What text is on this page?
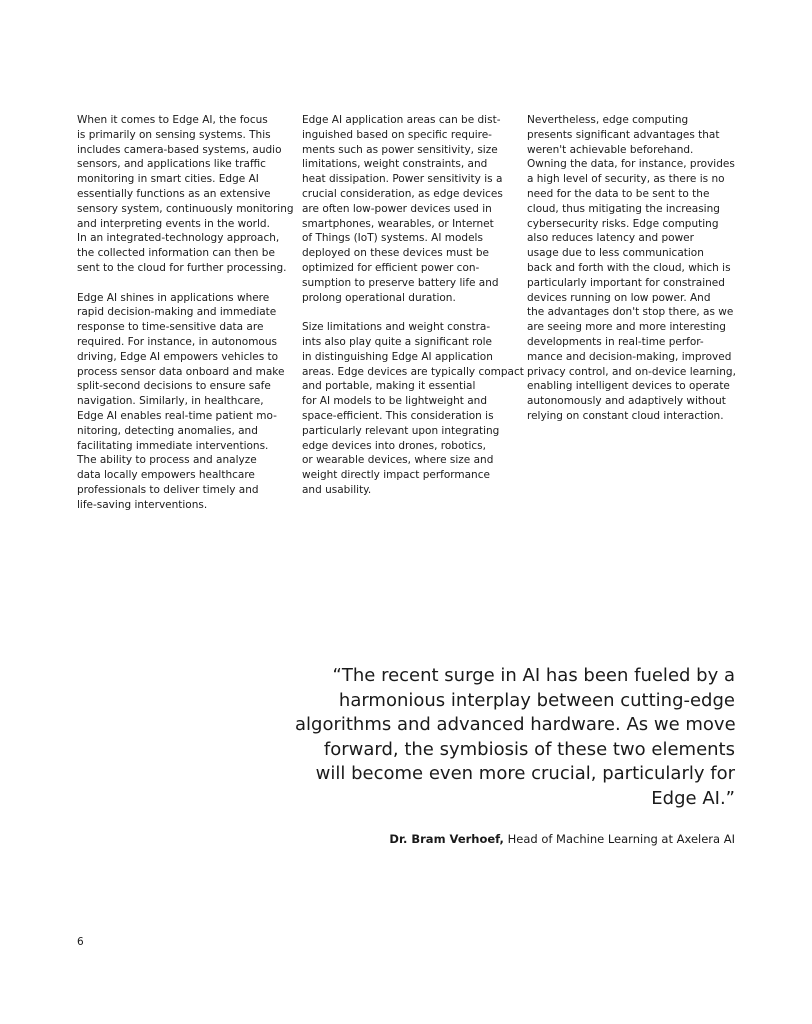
When it comes to Edge AI, the focus
is primarily on sensing systems. This
includes camera-based systems, audio
sensors, and applications like traffic
monitoring in smart cities. Edge AI
essentially functions as an extensive
sensory system, continuously monitoring
and interpreting events in the world.
In an integrated-technology approach,
the collected information can then be
sent to the cloud for further processing.
Edge AI shines in applications where
rapid decision-making and immediate
response to time-sensitive data are
required. For instance, in autonomous
driving, Edge AI empowers vehicles to
process sensor data onboard and make
split-second decisions to ensure safe
navigation. Similarly, in healthcare,
Edge AI enables real-time patient mo-
nitoring, detecting anomalies, and
facilitating immediate interventions.
The ability to process and analyze
data locally empowers healthcare
professionals to deliver timely and
life-saving interventions.
Edge AI application areas can be dist-
inguished based on specific require-
ments such as power sensitivity, size
limitations, weight constraints, and
heat dissipation. Power sensitivity is a
crucial consideration, as edge devices
are often low-power devices used in
smartphones, wearables, or Internet
of Things (IoT) systems. AI models
deployed on these devices must be
optimized for efficient power con-
sumption to preserve battery life and
prolong operational duration.
Size limitations and weight constra-
ints also play quite a significant role
in distinguishing Edge AI application
areas. Edge devices are typically compact
and portable, making it essential
for AI models to be lightweight and
space-efficient. This consideration is
particularly relevant upon integrating
edge devices into drones, robotics,
or wearable devices, where size and
weight directly impact performance
and usability.
Nevertheless, edge computing
presents significant advantages that
weren't achievable beforehand.
Owning the data, for instance, provides
a high level of security, as there is no
need for the data to be sent to the
cloud, thus mitigating the increasing
cybersecurity risks. Edge computing
also reduces latency and power
usage due to less communication
back and forth with the cloud, which is
particularly important for constrained
devices running on low power. And
the advantages don't stop there, as we
are seeing more and more interesting
developments in real-time perfor-
mance and decision-making, improved
privacy control, and on-device learning,
enabling intelligent devices to operate
autonomously and adaptively without
relying on constant cloud interaction.
“The recent surge in AI has been fueled by a
harmonious interplay between cutting-edge
algorithms and advanced hardware. As we move
forward, the symbiosis of these two elements
will become even more crucial, particularly for
Edge AI.”
Dr. Bram Verhoef, Head of Machine Learning at Axelera AI
6
